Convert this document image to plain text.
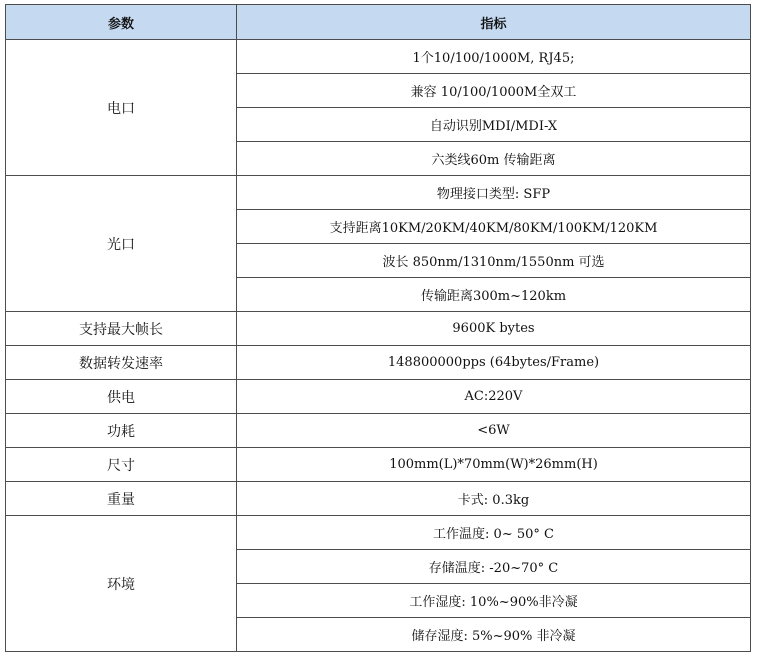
参数	指标
电口	1个10/100/1000M, RJ45;
	兼容 10/100/1000M全双工
	自动识别MDI/MDI-X
	六类线60m 传输距离
光口	物理接口类型: SFP
	支持距离10KM/20KM/40KM/80KM/100KM/120KM
	波长 850nm/1310nm/1550nm 可选
	传输距离300m~120km
支持最大帧长	9600K bytes
数据转发速率	148800000pps (64bytes/Frame)
供电	AC:220V
功耗	<6W
尺寸	100mm(L)*70mm(W)*26mm(H)
重量	卡式: 0.3kg
环境	工作温度: 0~ 50° C
	存储温度: -20~70° C
	工作湿度: 10%~90%非冷凝
	储存湿度: 5%~90% 非冷凝
